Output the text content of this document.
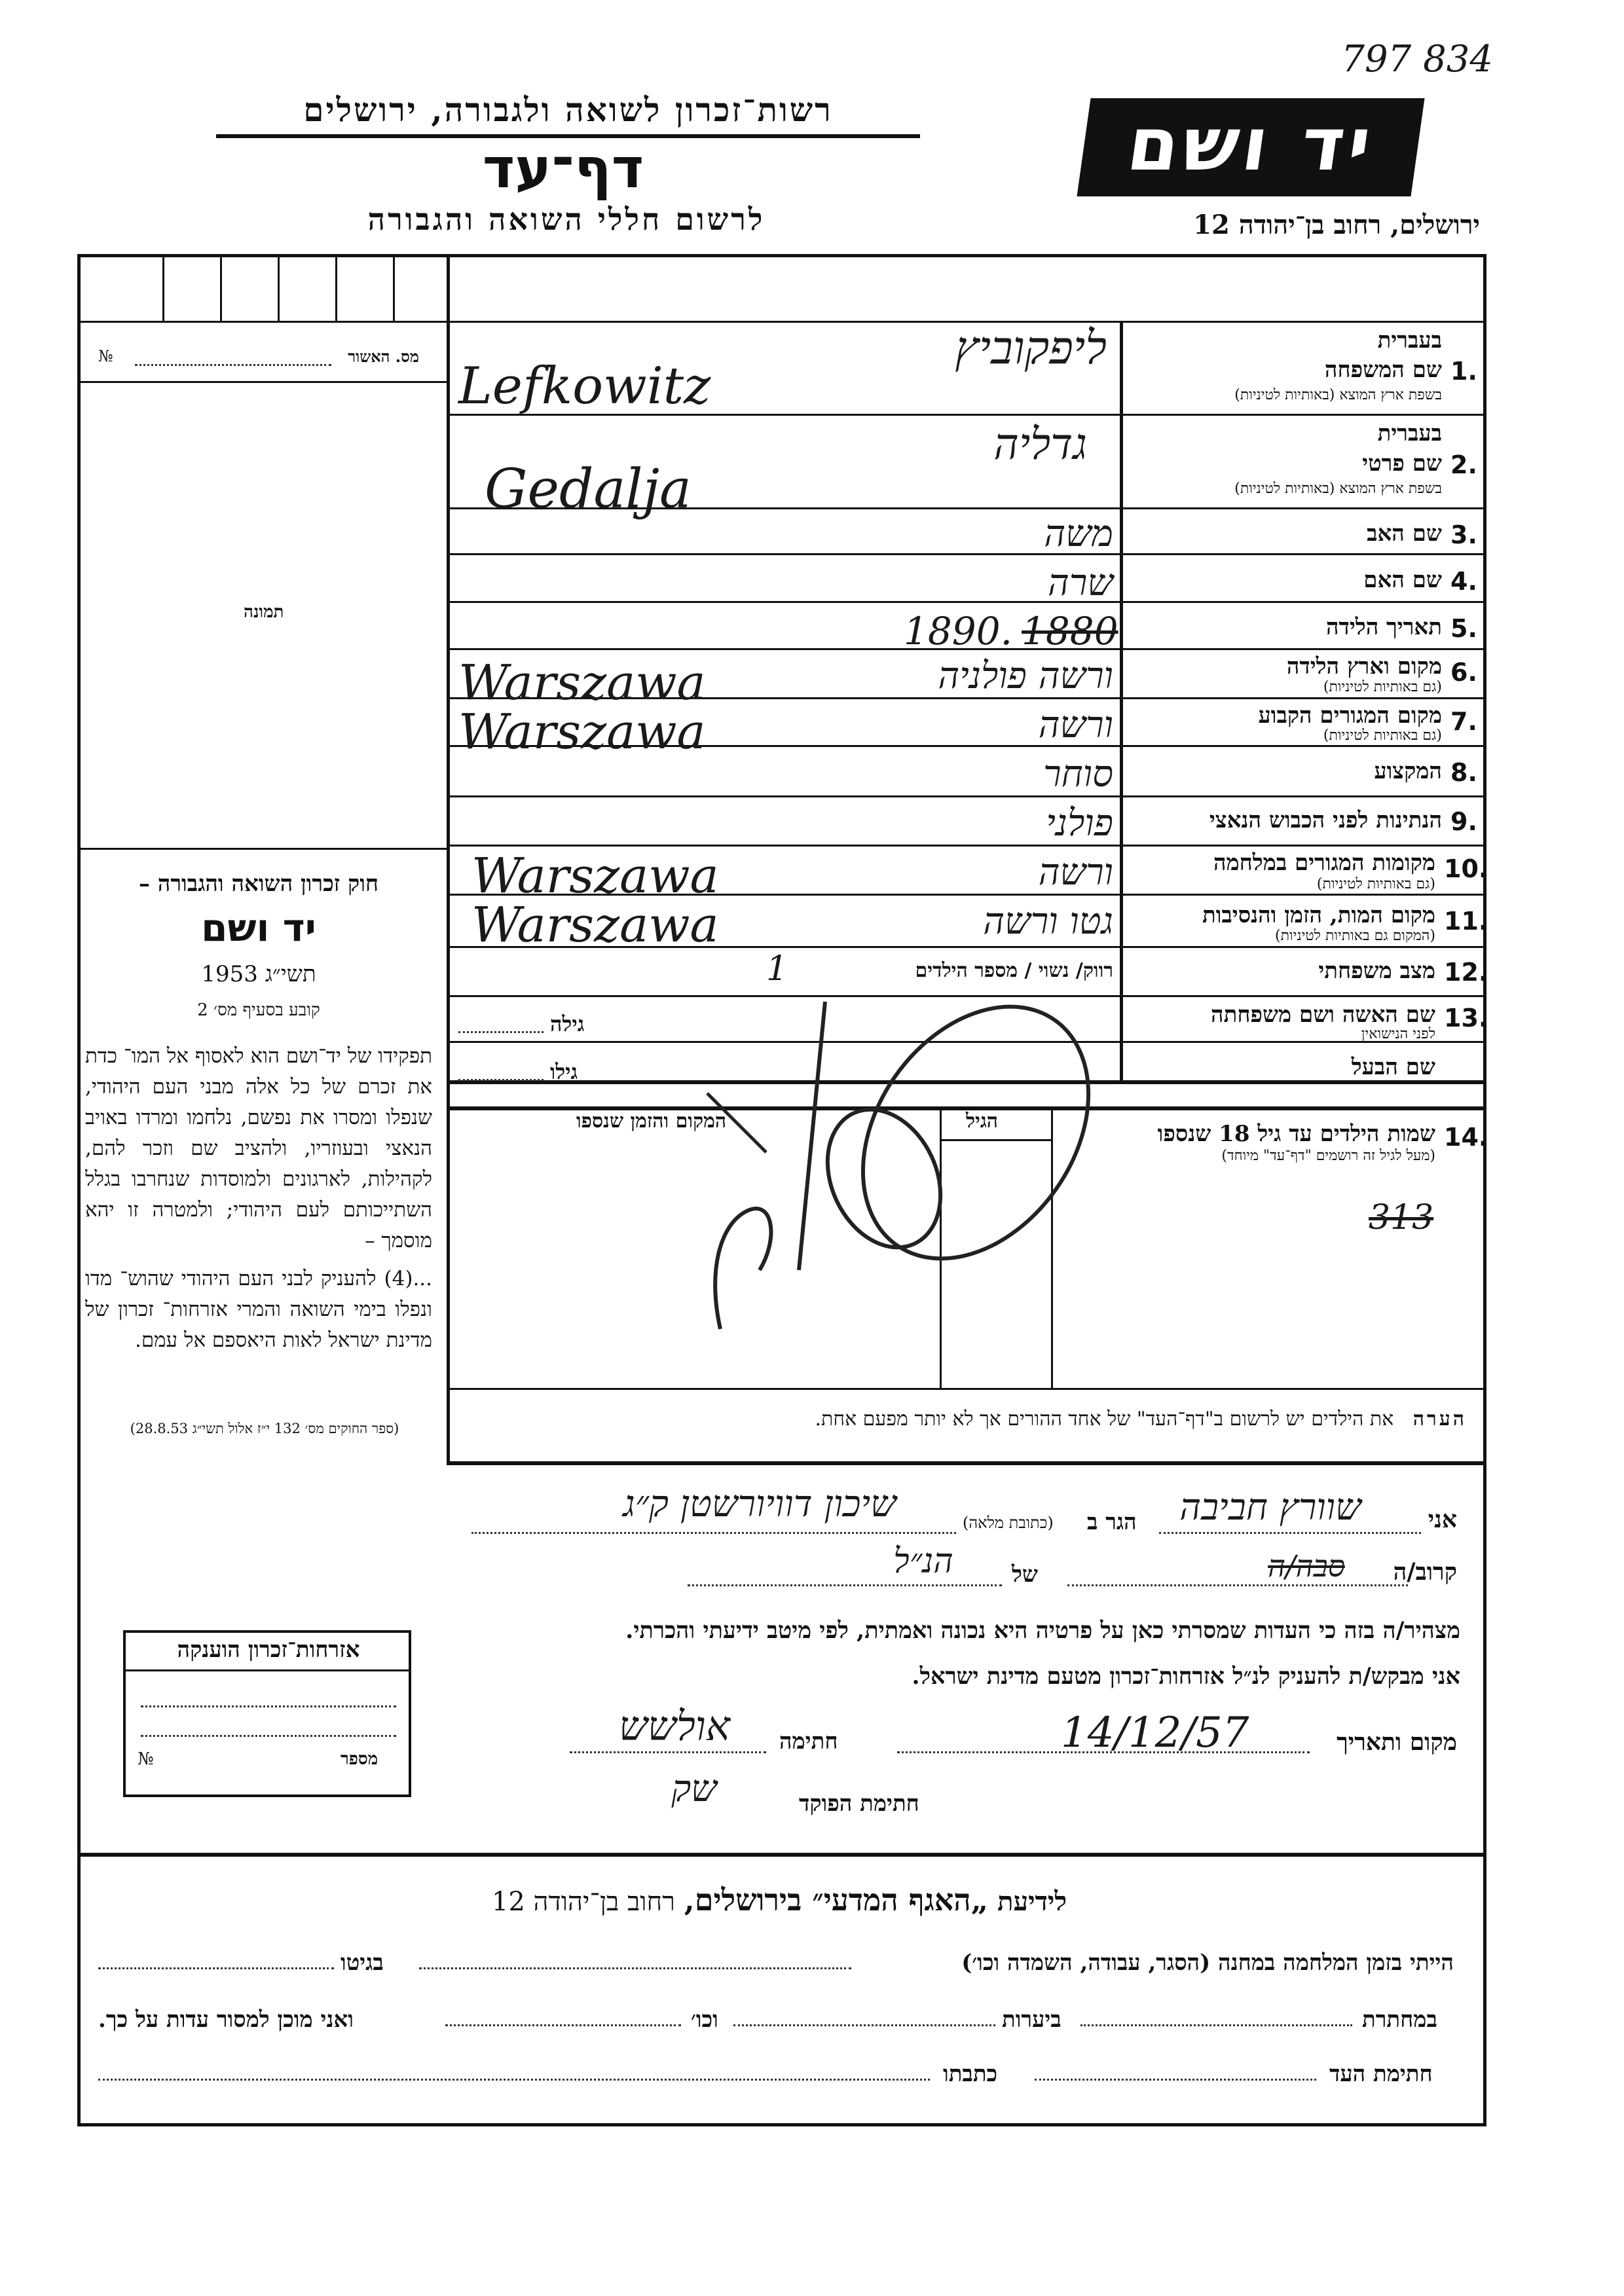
797 834
יד ושם
רשות־זכרון לשואה ולגבורה, ירושלים
דף־עד
לרשום חללי השואה והגבורה	ירושלים, רחוב בן־יהודה 12
מס. האשור
№
תמונה
חוק זכרון השואה והגבורה –
יד ושם
תשי״ג 1953
קובע בסעיף מס׳ 2
תפקידו של יד־ושם הוא לאסוף אל המו־ כדת את זכרם של כל אלה מבני העם היהודי, שנפלו ומסרו את נפשם, נלחמו ומרדו באויב הנאצי ובעוזריו, ולהציב שם וזכר להם, לקהילות, לארגונים ולמוסדות שנחרבו בגלל השתייכותם לעם היהודי; ולמטרה זו יהא מוסמך –
...(4) להעניק לבני העם היהודי שהוש־ מדו ונפלו בימי השואה והמרי אזרחות־ זכרון של מדינת ישראל לאות היאספם אל עמם.
(ספר החוקים מס׳ 132 י״ז אלול תשי״ג 28.8.53)
1.
בעברית
שם המשפחה
בשפת ארץ המוצא (באותיות לטיניות)
2.
בעברית
שם פרטי
בשפת ארץ המוצא (באותיות לטיניות)
3.
שם האב
4.
שם האם
5.
תאריך הלידה
6.
מקום וארץ הלידה
(גם באותיות לטיניות)
7.
מקום המגורים הקבוע
(גם באותיות לטיניות)
8.
המקצוע
9.
הנתינות לפני הכבוש הנאצי
10.
מקומות המגורים במלחמה
(גם באותיות לטיניות)
11.
מקום המות, הזמן והנסיבות
(המקום גם באותיות לטיניות)
12.
מצב משפחתי
13.
שם האשה ושם משפחתה
לפני הנישואין
שם הבעל
ליפקוביץ
Lefkowitz
גדליה
Gedalja
משה
שרה
1890. 1880
ורשה פולניה
Warszawa
ורשה
Warszawa
סוחר
פולני
ורשה
Warszawa
גטו ורשה
Warszawa
רווק/ נשוי / מספר הילדים
1
גילה
גילו
14.
שמות הילדים עד גיל 18 שנספו
(מעל לגיל זה רושמים "דף־עד" מיוחד)
הגיל
המקום והזמן שנספו
313
הערה את הילדים יש לרשום ב"דף־העד" של אחד ההורים אך לא יותר מפעם אחת.
אני
שוורץ חביבה
הגר ב
(כתובת מלאה)
שיכון דוויורשטן ק״ג
קרוב/ה
סבה/ה
של
הנ״ל
מצהיר/ה בזה כי העדות שמסרתי כאן על פרטיה היא נכונה ואמתית, לפי מיטב ידיעתי והכרתי.
אני מבקש/ת להעניק לנ״ל אזרחות־זכרון מטעם מדינת ישראל.
מקום ותאריך
14/12/57
חתימה
אולשש
חתימת הפוקד
שק
אזרחות־זכרון הוענקה
№	מספר
לידיעת „האגף המדעי״ בירושלים, רחוב בן־יהודה 12
הייתי בזמן המלחמה במחנה (הסגר, עבודה, השמדה וכו׳)
בגיטו
במחתרת
ביערות
וכו׳
ואני מוכן למסור עדות על כך.
חתימת העד
כתבתו
